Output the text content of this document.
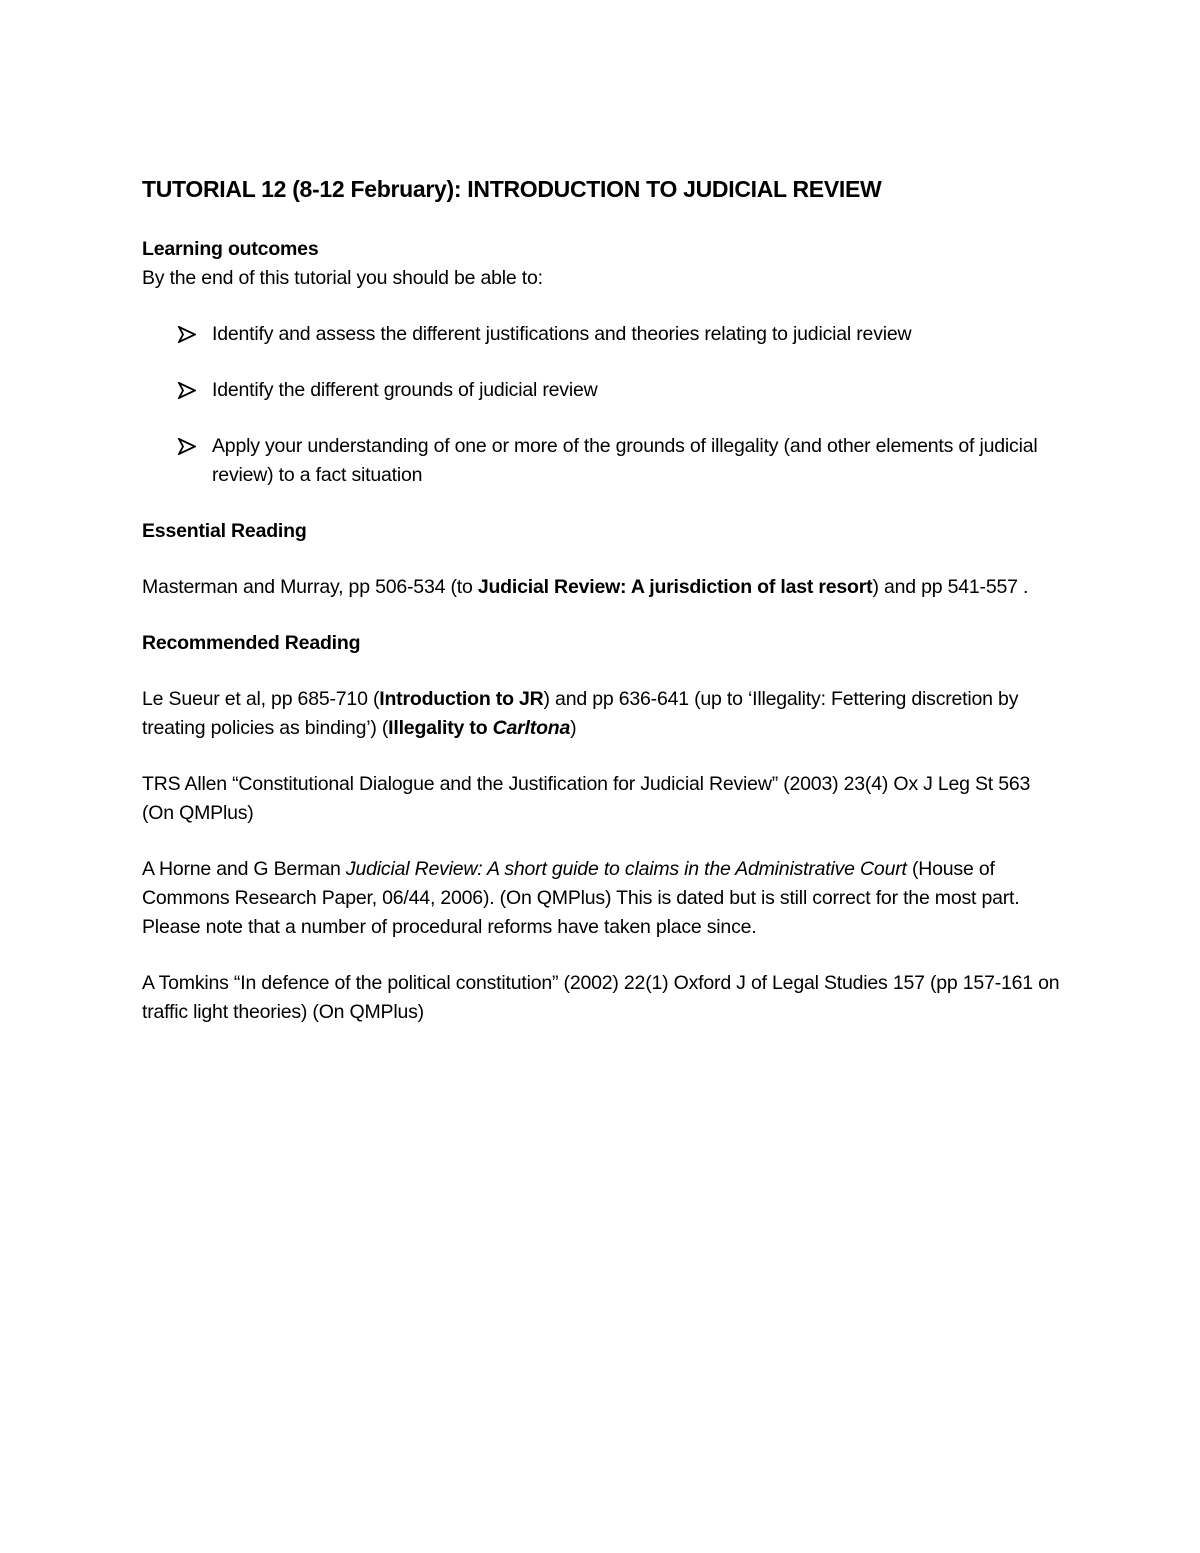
TUTORIAL 12 (8-12 February): INTRODUCTION TO JUDICIAL REVIEW

Learning outcomes

By the end of this tutorial you should be able to:

Identify and assess the different justifications and theories relating to judicial review
Identify the different grounds of judicial review
Apply your understanding of one or more of the grounds of illegality (and other elements of judicial review) to a fact situation

Essential Reading

Masterman and Murray, pp 506-534 (to Judicial Review: A jurisdiction of last resort) and pp 541-557 .

Recommended Reading

Le Sueur et al, pp 685-710 (Introduction to JR) and pp 636-641 (up to ‘Illegality: Fettering discretion by treating policies as binding’) (Illegality to Carltona)

TRS Allen “Constitutional Dialogue and the Justification for Judicial Review” (2003) 23(4) Ox J Leg St 563 (On QMPlus)

A Horne and G Berman Judicial Review: A short guide to claims in the Administrative Court (House of Commons Research Paper, 06/44, 2006). (On QMPlus) This is dated but is still correct for the most part. Please note that a number of procedural reforms have taken place since.

A Tomkins “In defence of the political constitution” (2002) 22(1) Oxford J of Legal Studies 157 (pp 157-161 on traffic light theories) (On QMPlus)
